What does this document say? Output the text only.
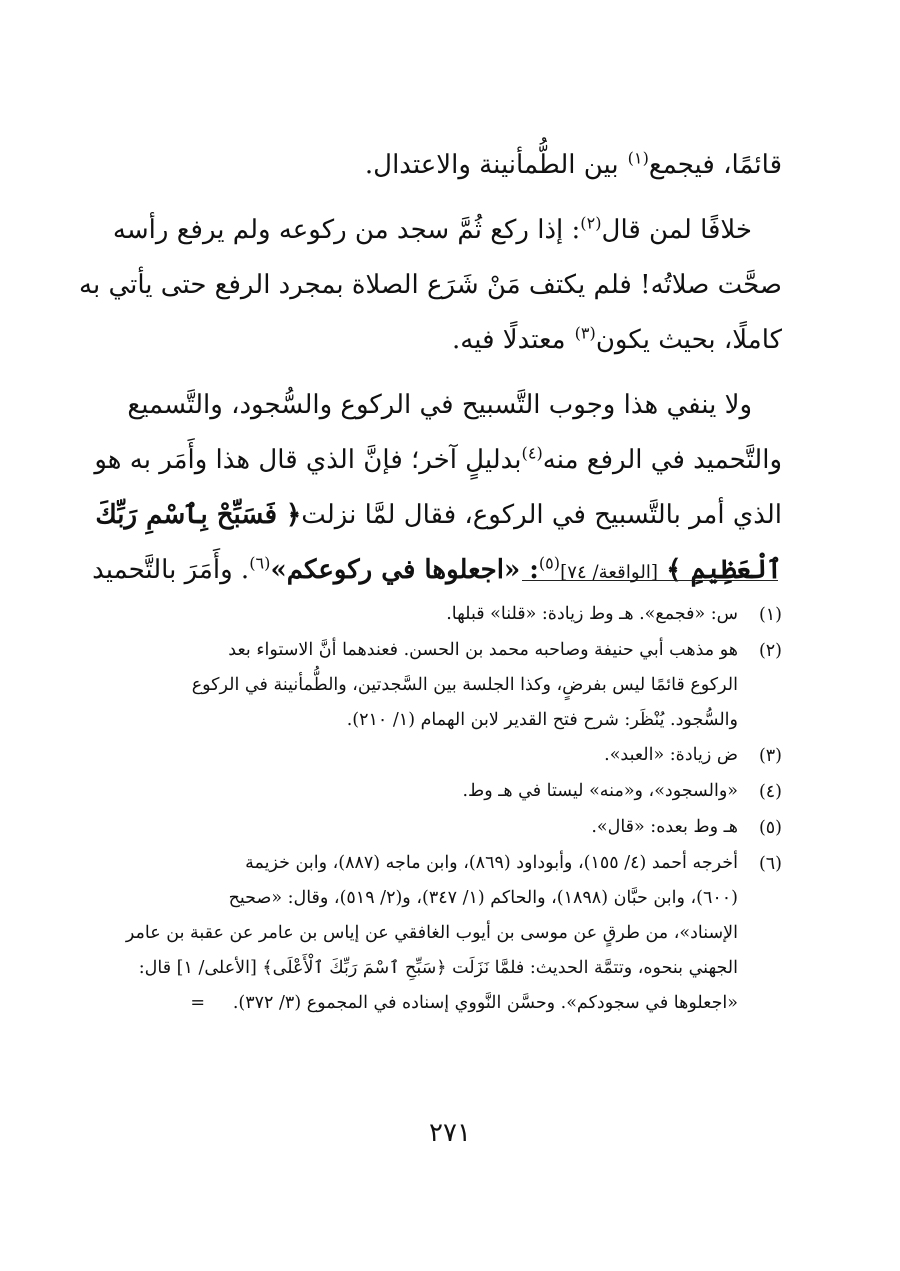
قائمًا، فيجمع$^{(١)}$
بين الطُّمأنينة والاعتدال.
خلافًا لمن قال$^{(٢)}$
: إذا ركع ثُمَّ سجد من ركوعه ولم يرفع رأسه
صحَّت صلاتُه! فلم يكتف مَنْ شَرَع الصلاة بمجرد الرفع حتى يأتي به
كاملًا، بحيث يكون$^{(٣)}$
معتدلًا فيه.
ولا ينفي هذا وجوب التَّسبيح في الركوع والسُّجود، والتَّسميع
والتَّحميد في الرفع منه$^{(٤)}$
بدليلٍ آخر؛ فإنَّ الذي قال هذا وأَمَر به هو
الذي أمر بالتَّسبيح في الركوع، فقال لمَّا نزلت
﴿ فَسَبِّحْ بِٱسْمِ رَبِّكَ
ٱلْعَظِيمِ ﴾ [الواقعة/ ٧٤]$^{(٥)}$: «اجعلوها في ركوعكم»$^{(٦)}$
. وأَمَرَ بالتَّحميد
(١)
س: «فجمع». هـ وط زيادة: «قلنا» قبلها.
(٢)
هو مذهب أبي حنيفة وصاحبه محمد بن الحسن. فعندهما أنَّ الاستواء بعد
الركوع قائمًا ليس بفرضٍ، وكذا الجلسة بين السَّجدتين، والطُّمأنينة في الركوع
والسُّجود. يُنْظَر: شرح فتح القدير لابن الهمام (١/ ٢١٠).
(٣)
ض زيادة: «العبد».
(٤)
«والسجود»، و«منه» ليستا في هـ وط.
(٥)
هـ وط بعده: «قال».
(٦)
أخرجه أحمد (٤/ ١٥٥)، وأبوداود (٨٦٩)، وابن ماجه (٨٨٧)، وابن خزيمة
(٦٠٠)، وابن حبَّان (١٨٩٨)، والحاكم (١/ ٣٤٧)، و(٢/ ٥١٩)، وقال: «صحيح
الإسناد»، من طرقٍ عن موسى بن أيوب الغافقي عن إياس بن عامر عن عقبة بن عامر
الجهني بنحوه، وتتمَّة الحديث: فلمَّا نَزَلَت ﴿سَبِّحِ ٱسْمَ رَبِّكَ ٱلْأَعْلَى﴾ [الأعلى/ ١] قال:
«اجعلوها في سجودكم». وحسَّن النَّووي إسناده في المجموع (٣/ ٣٧٢).     =
٢٧١
